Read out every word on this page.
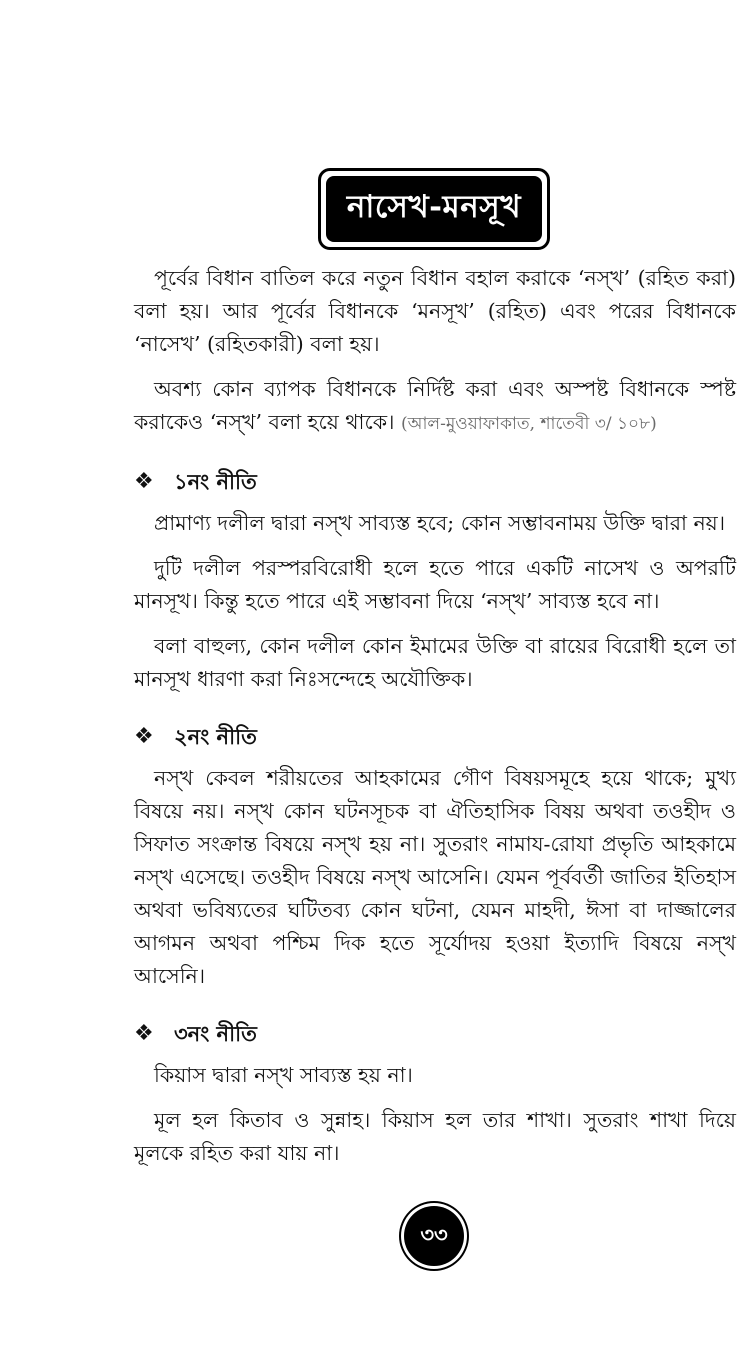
নাসেখ-মনসূখ

পূর্বের বিধান বাতিল করে নতুন বিধান বহাল করাকে ‘নস্‌খ’ (রহিত করা) বলা হয়। আর পূর্বের বিধানকে ‘মনসূখ’ (রহিত) এবং পরের বিধানকে ‘নাসেখ’ (রহিতকারী) বলা হয়।

অবশ্য কোন ব্যাপক বিধানকে নির্দিষ্ট করা এবং অস্পষ্ট বিধানকে স্পষ্ট করাকেও ‘নস্‌খ’ বলা হয়ে থাকে। (আল-মুওয়াফাকাত, শাতেবী ৩/ ১০৮)

❖ ১নং নীতি

প্রামাণ্য দলীল দ্বারা নস্‌খ সাব্যস্ত হবে; কোন সম্ভাবনাময় উক্তি দ্বারা নয়।

দুটি দলীল পরস্পরবিরোধী হলে হতে পারে একটি নাসেখ ও অপরটি মানসূখ। কিন্তু হতে পারে এই সম্ভাবনা দিয়ে ‘নস্‌খ’ সাব্যস্ত হবে না।

বলা বাহুল্য, কোন দলীল কোন ইমামের উক্তি বা রায়ের বিরোধী হলে তা মানসূখ ধারণা করা নিঃসন্দেহে অযৌক্তিক।

❖ ২নং নীতি

নস্‌খ কেবল শরীয়তের আহকামের গৌণ বিষয়সমূহে হয়ে থাকে; মুখ্য বিষয়ে নয়। নস্‌খ কোন ঘটনসূচক বা ঐতিহাসিক বিষয় অথবা তওহীদ ও সিফাত সংক্রান্ত বিষয়ে নস্‌খ হয় না। সুতরাং নামায-রোযা প্রভৃতি আহকামে নস্‌খ এসেছে। তওহীদ বিষয়ে নস্‌খ আসেনি। যেমন পূর্ববর্তী জাতির ইতিহাস অথবা ভবিষ্যতের ঘটিতব্য কোন ঘটনা, যেমন মাহদী, ঈসা বা দাজ্জালের আগমন অথবা পশ্চিম দিক হতে সূর্যোদয় হওয়া ইত্যাদি বিষয়ে নস্‌খ আসেনি।

❖ ৩নং নীতি

কিয়াস দ্বারা নস্‌খ সাব্যস্ত হয় না।

মূল হল কিতাব ও সুন্নাহ। কিয়াস হল তার শাখা। সুতরাং শাখা দিয়ে মূলকে রহিত করা যায় না।

৩৩
